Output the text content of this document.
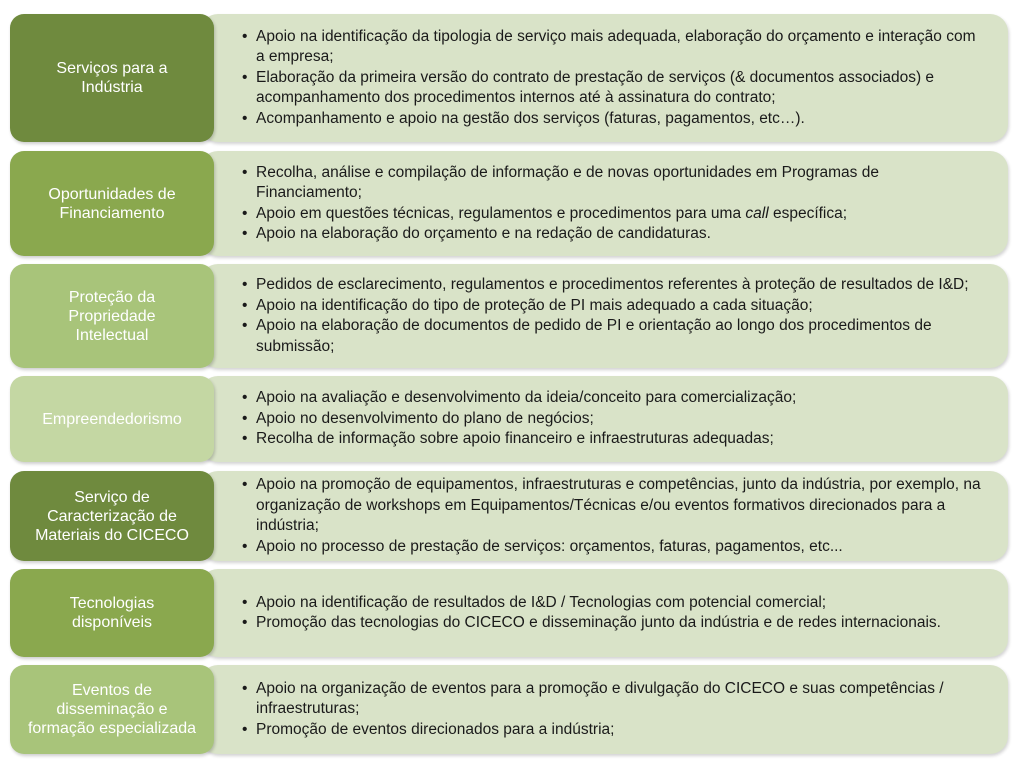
Serviços para a
Indústria
• Apoio na identificação da tipologia de serviço mais adequada, elaboração do orçamento e interação com a empresa;
• Elaboração da primeira versão do contrato de prestação de serviços (& documentos associados) e acompanhamento dos procedimentos internos até à assinatura do contrato;
• Acompanhamento e apoio na gestão dos serviços (faturas, pagamentos, etc…).
Oportunidades de
Financiamento
• Recolha, análise e compilação de informação e de novas oportunidades em Programas de Financiamento;
• Apoio em questões técnicas, regulamentos e procedimentos para uma call específica;
• Apoio na elaboração do orçamento e na redação de candidaturas.
Proteção da
Propriedade
Intelectual
• Pedidos de esclarecimento, regulamentos e procedimentos referentes à proteção de resultados de I&D;
• Apoio na identificação do tipo de proteção de PI mais adequado a cada situação;
• Apoio na elaboração de documentos de pedido de PI e orientação ao longo dos procedimentos de submissão;
Empreendedorismo
• Apoio na avaliação e desenvolvimento da ideia/conceito para comercialização;
• Apoio no desenvolvimento do plano de negócios;
• Recolha de informação sobre apoio financeiro e infraestruturas adequadas;
Serviço de
Caracterização de
Materiais do CICECO
• Apoio na promoção de equipamentos, infraestruturas e competências, junto da indústria, por exemplo, na organização de workshops em Equipamentos/Técnicas e/ou eventos formativos direcionados para a indústria;
• Apoio no processo de prestação de serviços: orçamentos, faturas, pagamentos, etc...
Tecnologias
disponíveis
• Apoio na identificação de resultados de I&D / Tecnologias com potencial comercial;
• Promoção das tecnologias do CICECO e disseminação junto da indústria e de redes internacionais.
Eventos de
disseminação e
formação especializada
• Apoio na organização de eventos para a promoção e divulgação do CICECO e suas competências / infraestruturas;
• Promoção de eventos direcionados para a indústria;
